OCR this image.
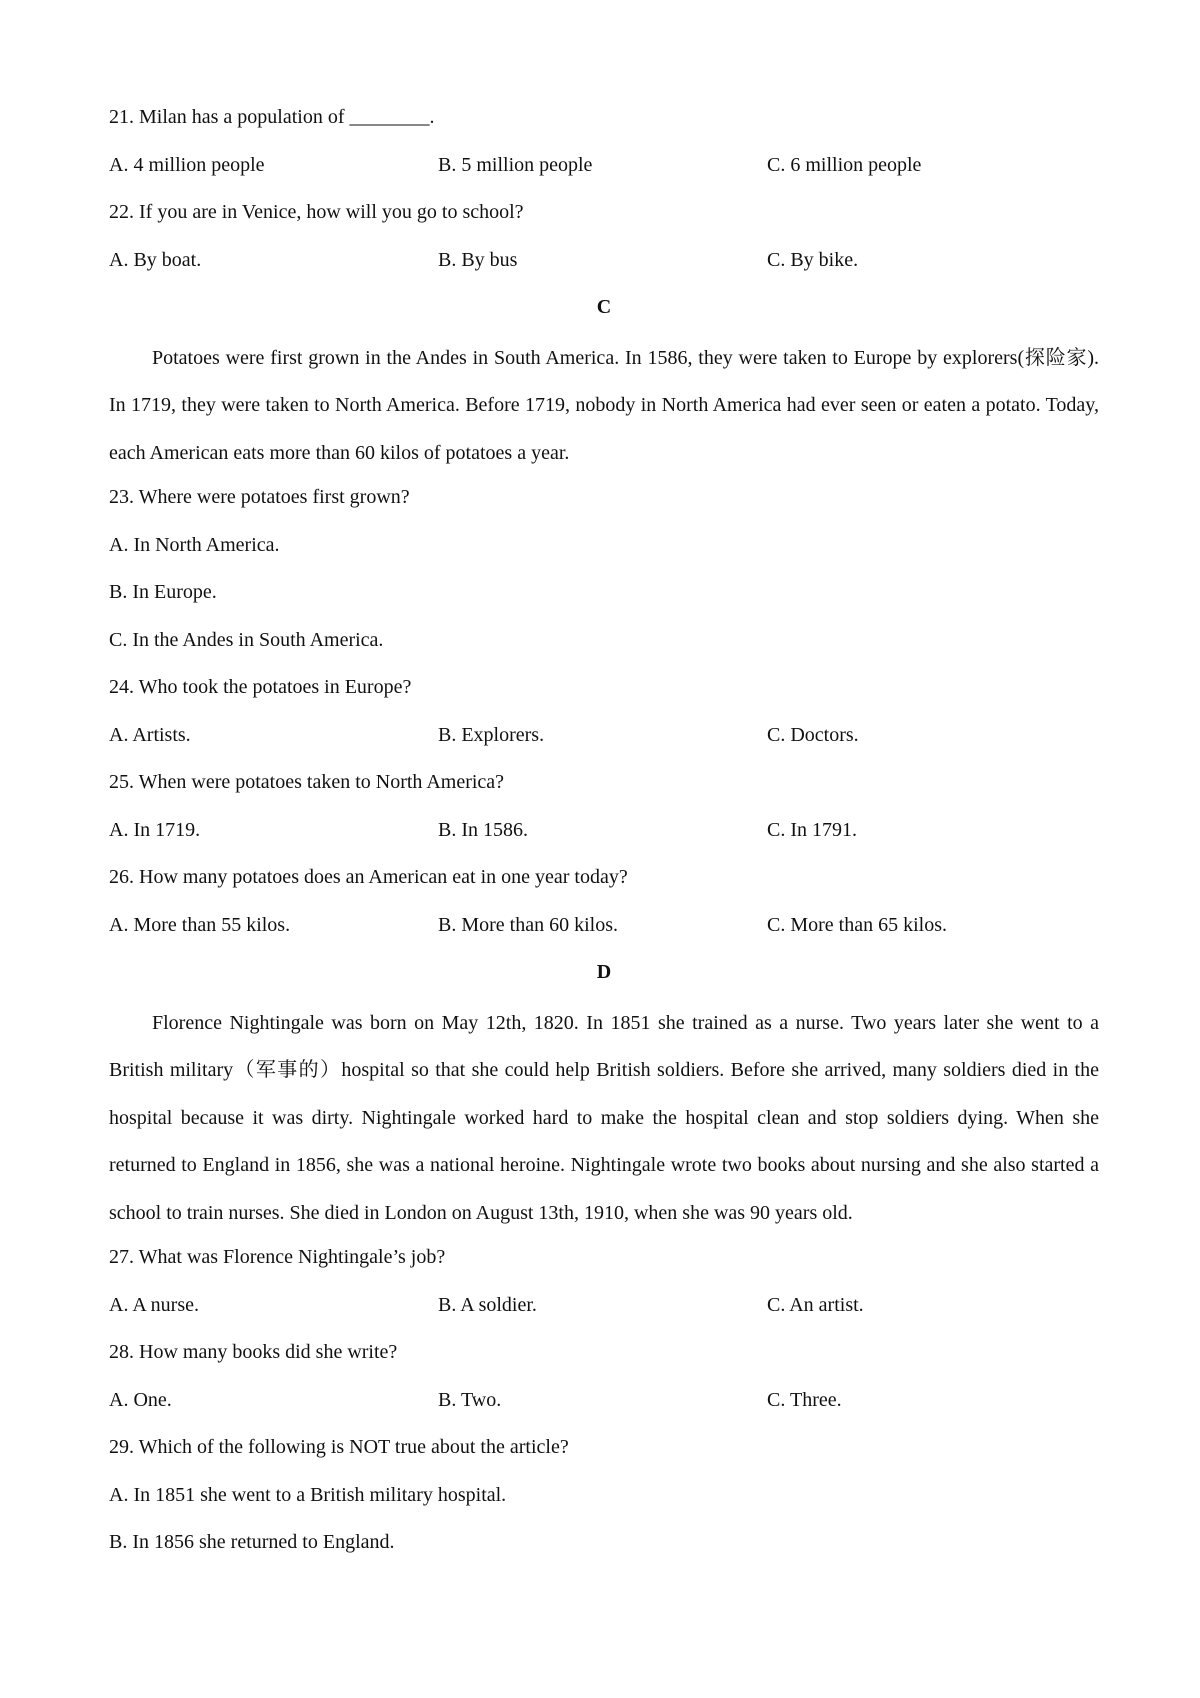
21. Milan has a population of ________.
A. 4 million people	B. 5 million people	C. 6 million people
22. If you are in Venice, how will you go to school?
A. By boat.	B. By bus	C. By bike.
C

Potatoes were first grown in the Andes in South America. In 1586, they were taken to Europe by explorers(探险家). In 1719, they were taken to North America. Before 1719, nobody in North America had ever seen or eaten a potato. Today, each American eats more than 60 kilos of potatoes a year.

23. Where were potatoes first grown?
A. In North America.
B. In Europe.
C. In the Andes in South America.
24. Who took the potatoes in Europe?
A. Artists.	B. Explorers.	C. Doctors.
25. When were potatoes taken to North America?
A. In 1719.	B. In 1586.	C. In 1791.
26. How many potatoes does an American eat in one year today?
A. More than 55 kilos.	B. More than 60 kilos.	C. More than 65 kilos.
D

Florence Nightingale was born on May 12th, 1820. In 1851 she trained as a nurse. Two years later she went to a British military（军事的）hospital so that she could help British soldiers. Before she arrived, many soldiers died in the hospital because it was dirty. Nightingale worked hard to make the hospital clean and stop soldiers dying. When she returned to England in 1856, she was a national heroine. Nightingale wrote two books about nursing and she also started a school to train nurses. She died in London on August 13th, 1910, when she was 90 years old.

27. What was Florence Nightingale’s job?
A. A nurse.	B. A soldier.	C. An artist.
28. How many books did she write?
A. One.	B. Two.	C. Three.
29. Which of the following is NOT true about the article?
A. In 1851 she went to a British military hospital.
B. In 1856 she returned to England.
